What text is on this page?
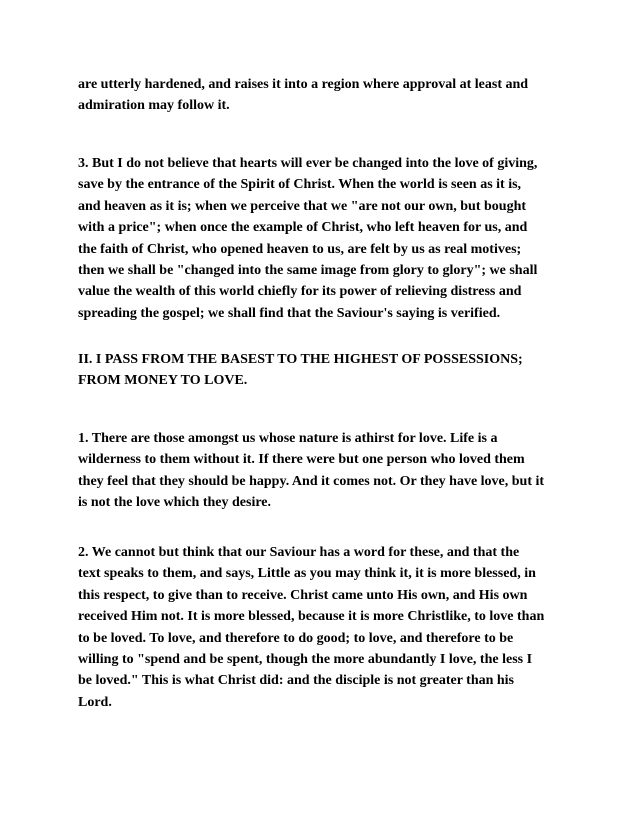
are utterly hardened, and raises it into a region where approval at least and
admiration may follow it.

3. But I do not believe that hearts will ever be changed into the love of giving,
save by the entrance of the Spirit of Christ. When the world is seen as it is,
and heaven as it is; when we perceive that we "are not our own, but bought
with a price"; when once the example of Christ, who left heaven for us, and
the faith of Christ, who opened heaven to us, are felt by us as real motives;
then we shall be "changed into the same image from glory to glory"; we shall
value the wealth of this world chiefly for its power of relieving distress and
spreading the gospel; we shall find that the Saviour's saying is verified.

II. I PASS FROM THE BASEST TO THE HIGHEST OF POSSESSIONS;
FROM MONEY TO LOVE.

1. There are those amongst us whose nature is athirst for love. Life is a
wilderness to them without it. If there were but one person who loved them
they feel that they should be happy. And it comes not. Or they have love, but it
is not the love which they desire.

2. We cannot but think that our Saviour has a word for these, and that the
text speaks to them, and says, Little as you may think it, it is more blessed, in
this respect, to give than to receive. Christ came unto His own, and His own
received Him not. It is more blessed, because it is more Christlike, to love than
to be loved. To love, and therefore to do good; to love, and therefore to be
willing to "spend and be spent, though the more abundantly I love, the less I
be loved." This is what Christ did: and the disciple is not greater than his
Lord.
